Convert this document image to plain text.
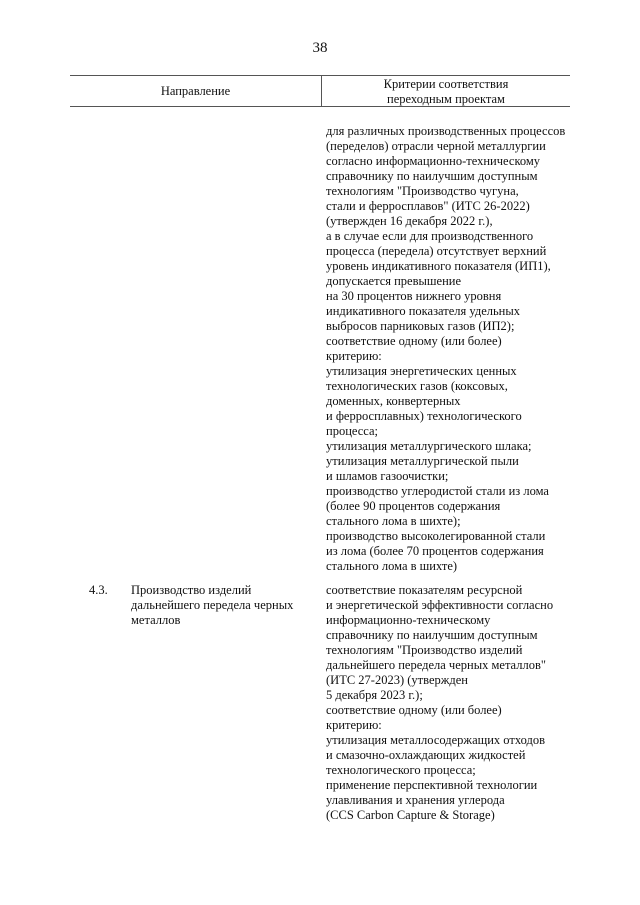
38
Направление	Критерии соответствия
переходным проектам
для различных производственных процессов
(переделов) отрасли черной металлургии
согласно информационно-техническому
справочнику по наилучшим доступным
технологиям "Производство чугуна,
стали и ферросплавов" (ИТС 26-2022)
(утвержден 16 декабря 2022 г.),
а в случае если для производственного
процесса (передела) отсутствует верхний
уровень индикативного показателя (ИП1),
допускается превышение
на 30 процентов нижнего уровня
индикативного показателя удельных
выбросов парниковых газов (ИП2);
соответствие одному (или более)
критерию:
утилизация энергетических ценных
технологических газов (коксовых,
доменных, конвертерных
и ферросплавных) технологического
процесса;
утилизация металлургического шлака;
утилизация металлургической пыли
и шламов газоочистки;
производство углеродистой стали из лома
(более 90 процентов содержания
стального лома в шихте);
производство высоколегированной стали
из лома (более 70 процентов содержания
стального лома в шихте)
4.3. Производство изделий
дальнейшего передела черных
металлов
соответствие показателям ресурсной
и энергетической эффективности согласно
информационно-техническому
справочнику по наилучшим доступным
технологиям "Производство изделий
дальнейшего передела черных металлов"
(ИТС 27-2023) (утвержден
5 декабря 2023 г.);
соответствие одному (или более)
критерию:
утилизация металлосодержащих отходов
и смазочно-охлаждающих жидкостей
технологического процесса;
применение перспективной технологии
улавливания и хранения углерода
(CCS Carbon Capture & Storage)
